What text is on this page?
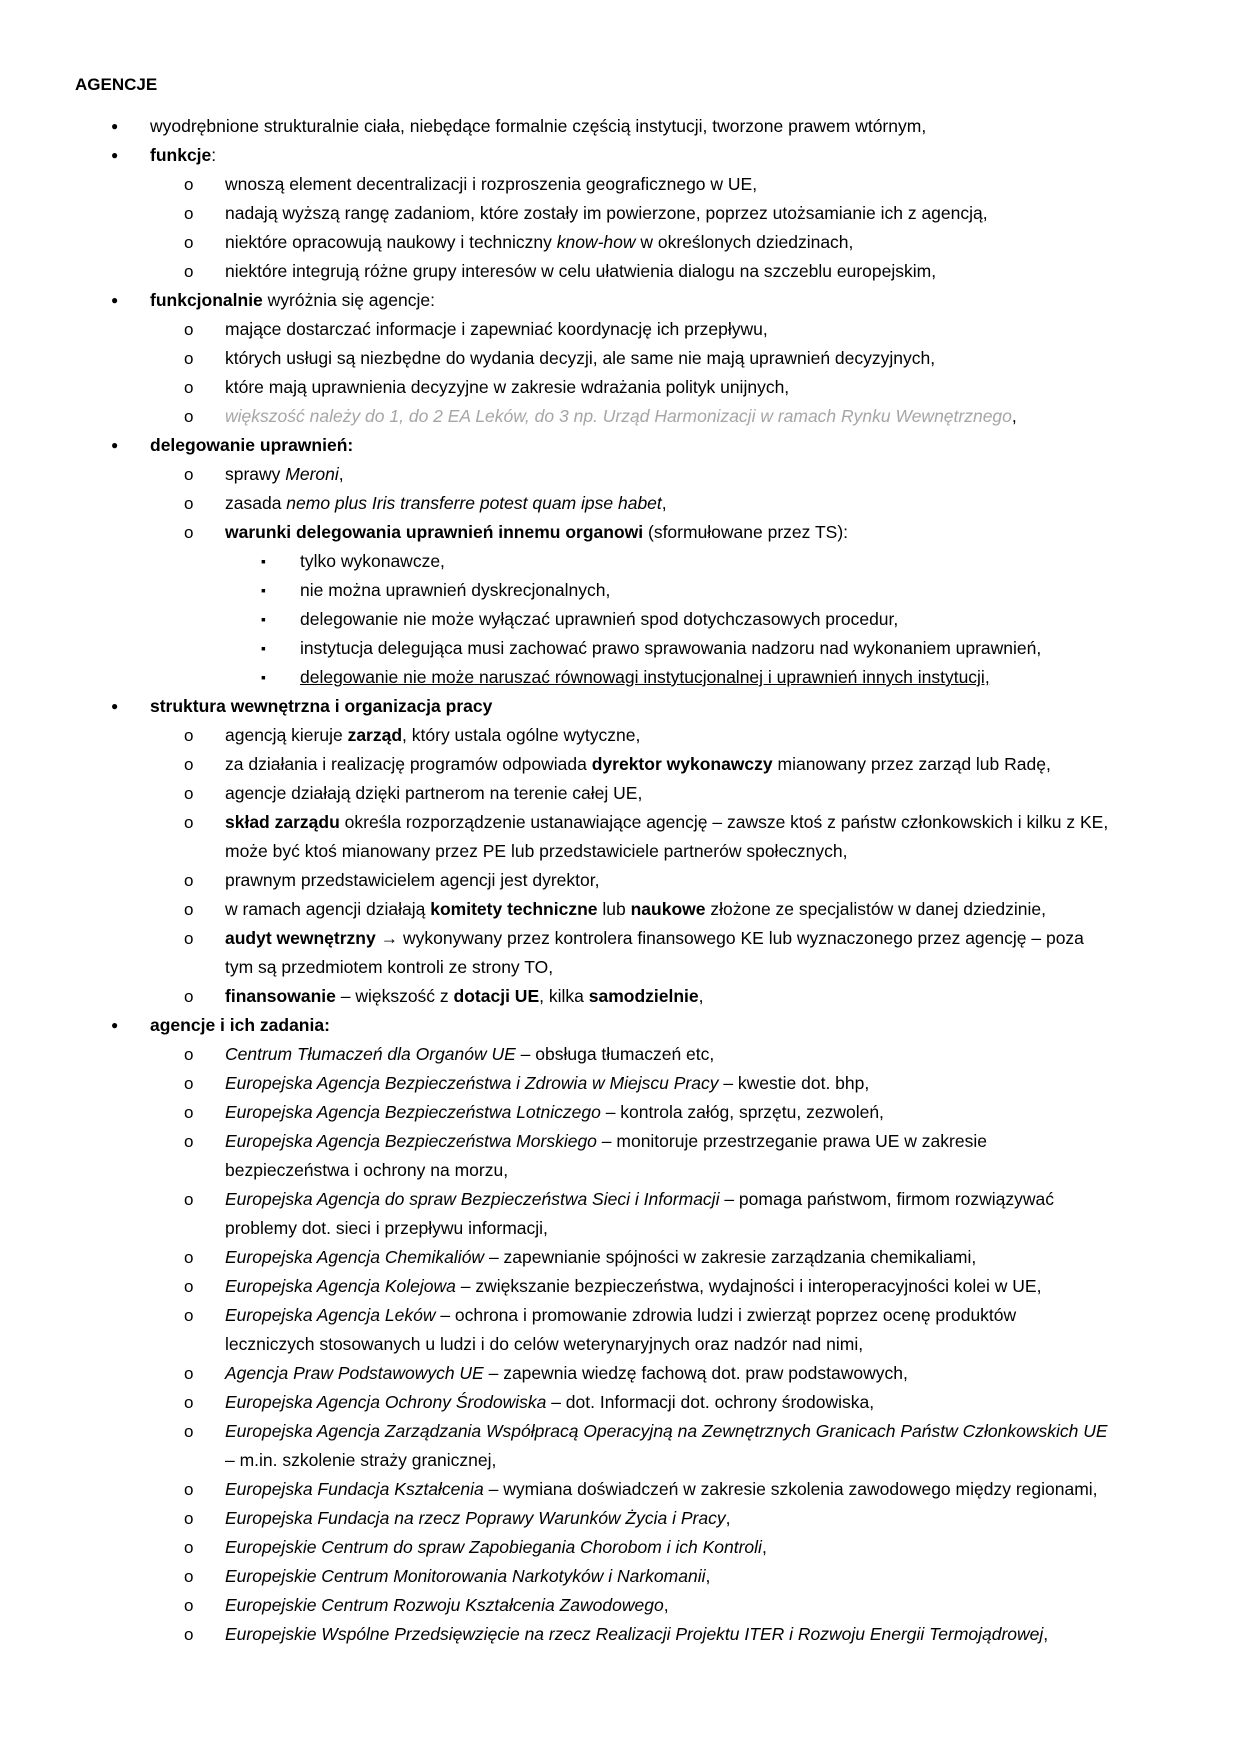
AGENCJE
● wyodrębnione strukturalnie ciała, niebędące formalnie częścią instytucji, tworzone prawem wtórnym,
● funkcje:
o wnoszą element decentralizacji i rozproszenia geograficznego w UE,
o nadają wyższą rangę zadaniom, które zostały im powierzone, poprzez utożsamianie ich z agencją,
o niektóre opracowują naukowy i techniczny know-how w określonych dziedzinach,
o niektóre integrują różne grupy interesów w celu ułatwienia dialogu na szczeblu europejskim,
● funkcjonalnie wyróżnia się agencje:
o mające dostarczać informacje i zapewniać koordynację ich przepływu,
o których usługi są niezbędne do wydania decyzji, ale same nie mają uprawnień decyzyjnych,
o które mają uprawnienia decyzyjne w zakresie wdrażania polityk unijnych,
o większość należy do 1, do 2 EA Leków, do 3 np. Urząd Harmonizacji w ramach Rynku Wewnętrznego,
● delegowanie uprawnień:
o sprawy Meroni,
o zasada nemo plus Iris transferre potest quam ipse habet,
o warunki delegowania uprawnień innemu organowi (sformułowane przez TS):
▪ tylko wykonawcze,
▪ nie można uprawnień dyskrecjonalnych,
▪ delegowanie nie może wyłączać uprawnień spod dotychczasowych procedur,
▪ instytucja delegująca musi zachować prawo sprawowania nadzoru nad wykonaniem uprawnień,
▪ delegowanie nie może naruszać równowagi instytucjonalnej i uprawnień innych instytucji,
● struktura wewnętrzna i organizacja pracy
o agencją kieruje zarząd, który ustala ogólne wytyczne,
o za działania i realizację programów odpowiada dyrektor wykonawczy mianowany przez zarząd lub Radę,
o agencje działają dzięki partnerom na terenie całej UE,
o skład zarządu określa rozporządzenie ustanawiające agencję – zawsze ktoś z państw członkowskich i kilku z KE,
może być ktoś mianowany przez PE lub przedstawiciele partnerów społecznych,
o prawnym przedstawicielem agencji jest dyrektor,
o w ramach agencji działają komitety techniczne lub naukowe złożone ze specjalistów w danej dziedzinie,
o audyt wewnętrzny → wykonywany przez kontrolera finansowego KE lub wyznaczonego przez agencję – poza
tym są przedmiotem kontroli ze strony TO,
o finansowanie – większość z dotacji UE, kilka samodzielnie,
● agencje i ich zadania:
o Centrum Tłumaczeń dla Organów UE – obsługa tłumaczeń etc,
o Europejska Agencja Bezpieczeństwa i Zdrowia w Miejscu Pracy – kwestie dot. bhp,
o Europejska Agencja Bezpieczeństwa Lotniczego – kontrola załóg, sprzętu, zezwoleń,
o Europejska Agencja Bezpieczeństwa Morskiego – monitoruje przestrzeganie prawa UE w zakresie
bezpieczeństwa i ochrony na morzu,
o Europejska Agencja do spraw Bezpieczeństwa Sieci i Informacji – pomaga państwom, firmom rozwiązywać
problemy dot. sieci i przepływu informacji,
o Europejska Agencja Chemikaliów – zapewnianie spójności w zakresie zarządzania chemikaliami,
o Europejska Agencja Kolejowa – zwiększanie bezpieczeństwa, wydajności i interoperacyjności kolei w UE,
o Europejska Agencja Leków – ochrona i promowanie zdrowia ludzi i zwierząt poprzez ocenę produktów
leczniczych stosowanych u ludzi i do celów weterynaryjnych oraz nadzór nad nimi,
o Agencja Praw Podstawowych UE – zapewnia wiedzę fachową dot. praw podstawowych,
o Europejska Agencja Ochrony Środowiska – dot. Informacji dot. ochrony środowiska,
o Europejska Agencja Zarządzania Współpracą Operacyjną na Zewnętrznych Granicach Państw Członkowskich UE
– m.in. szkolenie straży granicznej,
o Europejska Fundacja Kształcenia – wymiana doświadczeń w zakresie szkolenia zawodowego między regionami,
o Europejska Fundacja na rzecz Poprawy Warunków Życia i Pracy,
o Europejskie Centrum do spraw Zapobiegania Chorobom i ich Kontroli,
o Europejskie Centrum Monitorowania Narkotyków i Narkomanii,
o Europejskie Centrum Rozwoju Kształcenia Zawodowego,
o Europejskie Wspólne Przedsięwzięcie na rzecz Realizacji Projektu ITER i Rozwoju Energii Termojądrowej,
